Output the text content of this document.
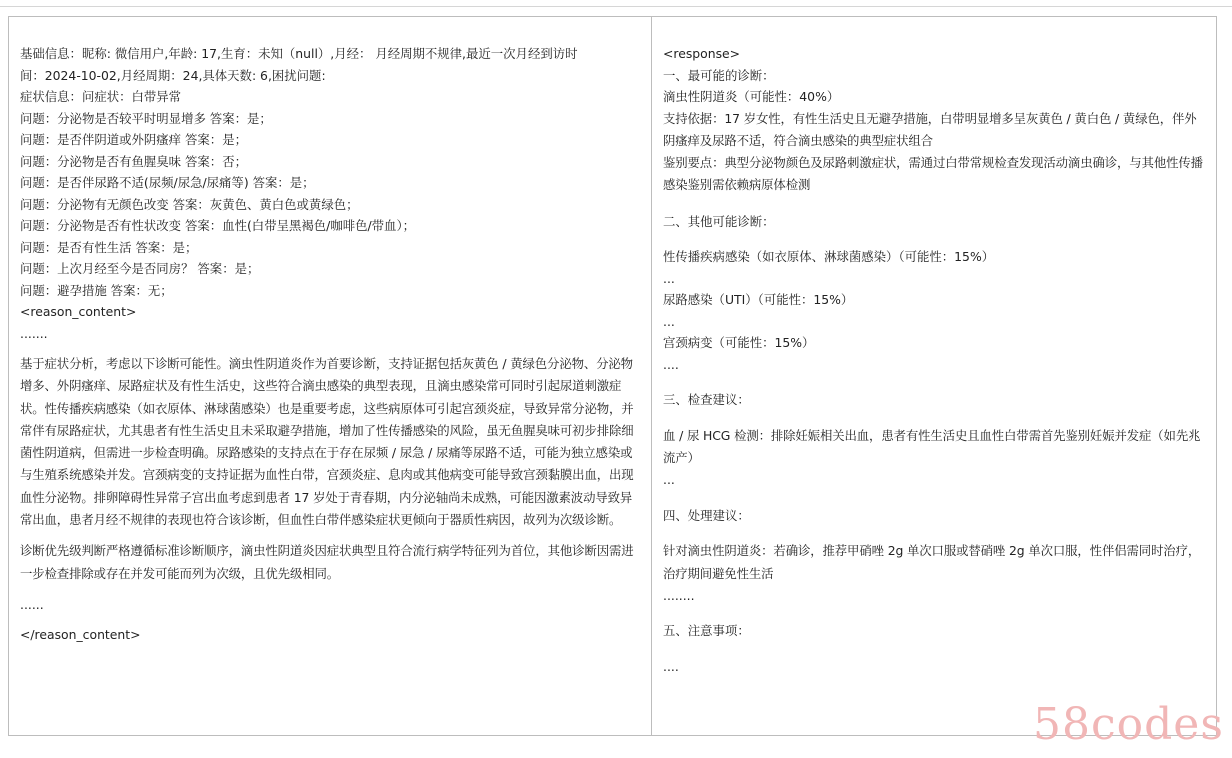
基础信息：昵称: 微信用户,年龄: 17,生育：未知（null）,月经： 月经周期不规律,最近一次月经到访时
间：2024-10-02,月经周期：24,具体天数: 6,困扰问题:
症状信息：问症状：白带异常
问题：分泌物是否较平时明显增多 答案：是；
问题：是否伴阴道或外阴瘙痒 答案：是；
问题：分泌物是否有鱼腥臭味 答案：否；
问题：是否伴尿路不适(尿频/尿急/尿痛等) 答案：是；
问题：分泌物有无颜色改变 答案：灰黄色、黄白色或黄绿色；
问题：分泌物是否有性状改变 答案：血性(白带呈黑褐色/咖啡色/带血）；
问题：是否有性生活 答案：是；
问题：上次月经至今是否同房？ 答案：是；
问题：避孕措施 答案：无；
<reason_content>
.......
基于症状分析，考虑以下诊断可能性。滴虫性阴道炎作为首要诊断，支持证据包括灰黄色 / 黄绿色分泌物、分泌物增多、外阴瘙痒、尿路症状及有性生活史，这些符合滴虫感染的典型表现，且滴虫感染常可同时引起尿道刺激症状。性传播疾病感染（如衣原体、淋球菌感染）也是重要考虑，这些病原体可引起宫颈炎症，导致异常分泌物，并常伴有尿路症状，尤其患者有性生活史且未采取避孕措施，增加了性传播感染的风险，虽无鱼腥臭味可初步排除细菌性阴道病，但需进一步检查明确。尿路感染的支持点在于存在尿频 / 尿急 / 尿痛等尿路不适，可能为独立感染或与生殖系统感染并发。宫颈病变的支持证据为血性白带，宫颈炎症、息肉或其他病变可能导致宫颈黏膜出血，出现血性分泌物。排卵障碍性异常子宫出血考虑到患者 17 岁处于青春期，内分泌轴尚未成熟，可能因激素波动导致异常出血，患者月经不规律的表现也符合该诊断，但血性白带伴感染症状更倾向于器质性病因，故列为次级诊断。
诊断优先级判断严格遵循标准诊断顺序，滴虫性阴道炎因症状典型且符合流行病学特征列为首位，其他诊断因需进一步检查排除或存在并发可能而列为次级，且优先级相同。
......
</reason_content>
<response>
一、最可能的诊断：
滴虫性阴道炎（可能性：40%）
支持依据：17 岁女性，有性生活史且无避孕措施，白带明显增多呈灰黄色 / 黄白色 / 黄绿色，伴外阴瘙痒及尿路不适，符合滴虫感染的典型症状组合
鉴别要点：典型分泌物颜色及尿路刺激症状，需通过白带常规检查发现活动滴虫确诊，与其他性传播感染鉴别需依赖病原体检测
二、其他可能诊断：
性传播疾病感染（如衣原体、淋球菌感染）（可能性：15%）
...
尿路感染（UTI）（可能性：15%）
...
宫颈病变（可能性：15%）
....
三、检查建议：
血 / 尿 HCG 检测：排除妊娠相关出血，患者有性生活史且血性白带需首先鉴别妊娠并发症（如先兆流产）
...
四、处理建议：
针对滴虫性阴道炎：若确诊，推荐甲硝唑 2g 单次口服或替硝唑 2g 单次口服，性伴侣需同时治疗，治疗期间避免性生活
........
五、注意事项：
....
58codes
